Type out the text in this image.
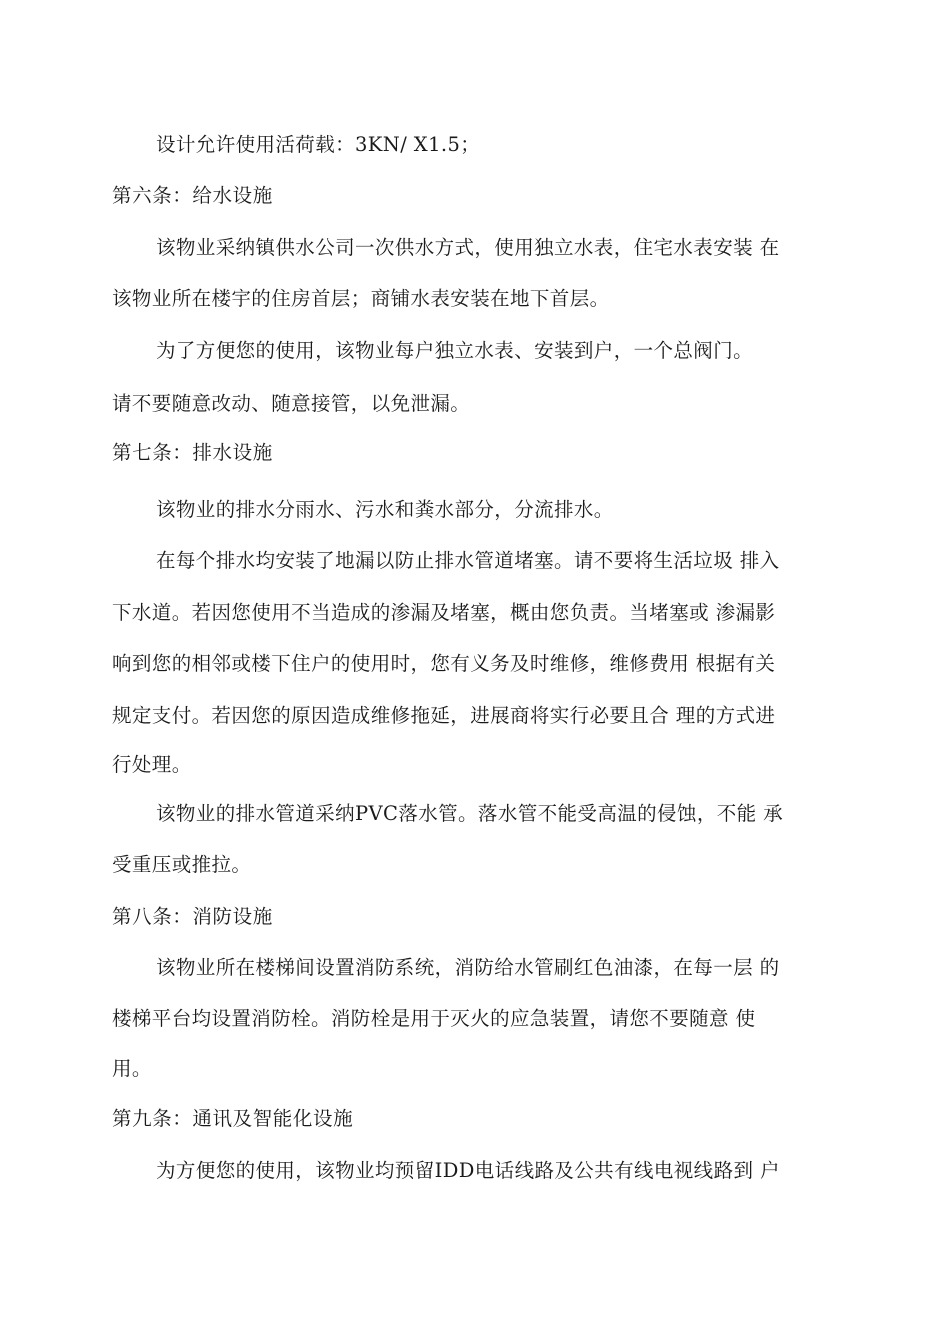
设计允许使用活荷载：3KN/ X1.5；
第六条：给水设施
该物业采纳镇供水公司一次供水方式，使用独立水表，住宅水表安装 在
该物业所在楼宇的住房首层；商铺水表安装在地下首层。
为了方便您的使用，该物业每户独立水表、安装到户，一个总阀门。
请不要随意改动、随意接管，以免泄漏。
第七条：排水设施
该物业的排水分雨水、污水和粪水部分，分流排水。
在每个排水均安装了地漏以防止排水管道堵塞。请不要将生活垃圾 排入
下水道。若因您使用不当造成的渗漏及堵塞，概由您负责。当堵塞或 渗漏影
响到您的相邻或楼下住户的使用时，您有义务及时维修，维修费用 根据有关
规定支付。若因您的原因造成维修拖延，进展商将实行必要且合 理的方式进
行处理。
该物业的排水管道采纳PVC落水管。落水管不能受高温的侵蚀，不能 承
受重压或推拉。
第八条：消防设施
该物业所在楼梯间设置消防系统，消防给水管刷红色油漆，在每一层 的
楼梯平台均设置消防栓。消防栓是用于灭火的应急装置，请您不要随意 使
用。
第九条：通讯及智能化设施
为方便您的使用，该物业均预留IDD电话线路及公共有线电视线路到 户
